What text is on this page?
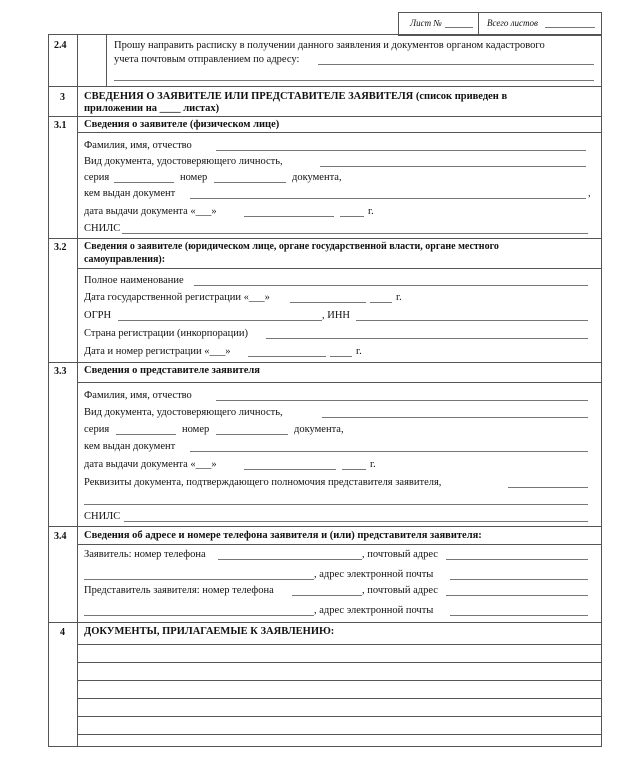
Лист №	Всего листов
2.4	Прошу направить расписку в получении данного заявления и документов органом кадастрового
учета почтовым отправлением по адресу:
3 СВЕДЕНИЯ О ЗАЯВИТЕЛЕ ИЛИ ПРЕДСТАВИТЕЛЕ ЗАЯВИТЕЛЯ (список приведен в
приложении на ____ листах)
3.1 Сведения о заявителе (физическом лице)
Фамилия, имя, отчество
Вид документа, удостоверяющего личность,
серия	номер	документа,
кем выдан документ	,
дата выдачи документа «___»	г.
СНИЛС
3.2 Сведения о заявителе (юридическом лице, органе государственной власти, органе местного
самоуправления):
Полное наименование
Дата государственной регистрации «___»	г.
ОГРН	, ИНН
Страна регистрации (инкорпорации)
Дата и номер регистрации «___»	г.
3.3 Сведения о представителе заявителя
Фамилия, имя, отчество
Вид документа, удостоверяющего личность,
серия	номер	документа,
кем выдан документ
дата выдачи документа «___»	г.
Реквизиты документа, подтверждающего полномочия представителя заявителя,
СНИЛС
3.4 Сведения об адресе и номере телефона заявителя и (или) представителя заявителя:
Заявитель: номер телефона	, почтовый адрес
, адрес электронной почты
Представитель заявителя: номер телефона	, почтовый адрес
, адрес электронной почты
4 ДОКУМЕНТЫ, ПРИЛАГАЕМЫЕ К ЗАЯВЛЕНИЮ:
